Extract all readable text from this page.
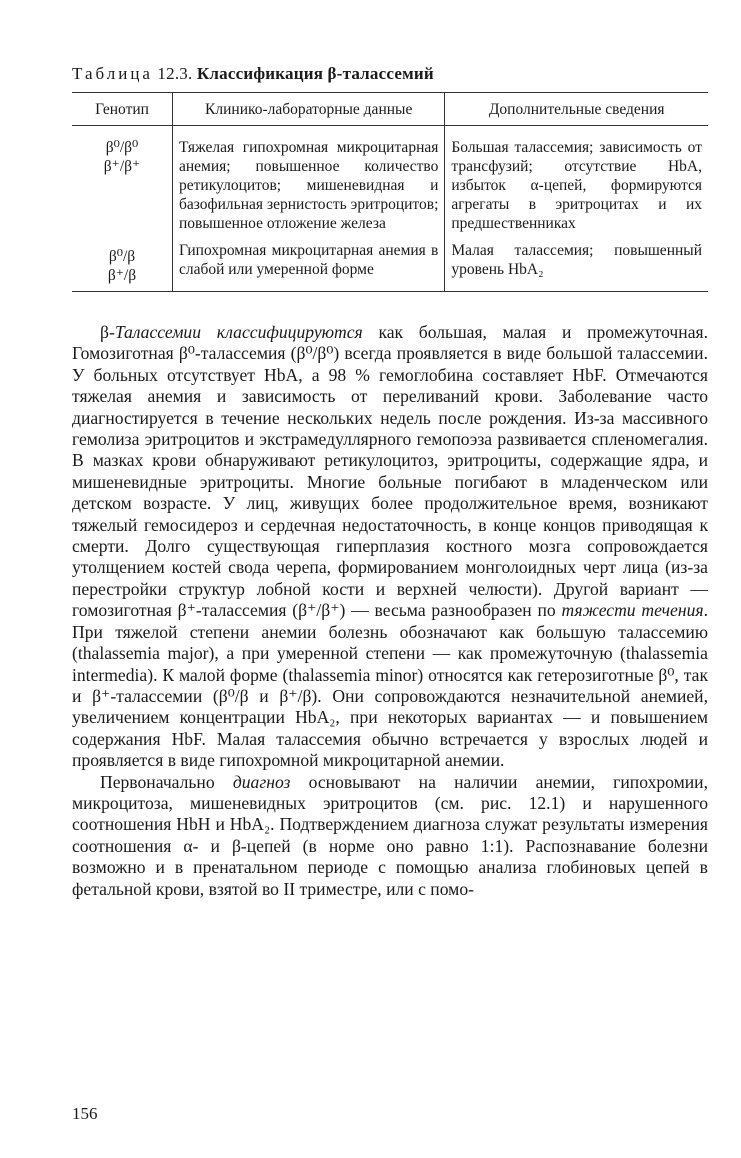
Таблица 12.3. Классификация β-талассемий
Генотип	Клинико-лабораторные данные	Дополнительные сведения

β⁰/β⁰
β⁺/β⁺	Тяжелая гипохромная микроцитарная анемия; повышенное количество ретикулоцитов; мишеневидная и базофильная зернистость эритроцитов; повышенное отложение железа	Большая талассемия; зависимость от трансфузий; отсутствие HbA, избыток α-цепей, формируются агрегаты в эритроцитах и их предшественниках

β⁰/β
β⁺/β	Гипохромная микроцитарная анемия в слабой или умеренной форме	Малая талассемия; повышенный уровень HbA₂

β-Талассемии классифицируются как большая, малая и промежуточная. Гомозиготная β⁰-талассемия (β⁰/β⁰) всегда проявляется в виде большой талассемии. У больных отсутствует HbA, а 98 % гемоглобина составляет HbF. Отмечаются тяжелая анемия и зависимость от переливаний крови. Заболевание часто диагностируется в течение нескольких недель после рождения. Из-за массивного гемолиза эритроцитов и экстрамедуллярного гемопоэза развивается спленомегалия. В мазках крови обнаруживают ретикулоцитоз, эритроциты, содержащие ядра, и мишеневидные эритроциты. Многие больные погибают в младенческом или детском возрасте. У лиц, живущих более продолжительное время, возникают тяжелый гемосидероз и сердечная недостаточность, в конце концов приводящая к смерти. Долго существующая гиперплазия костного мозга сопровождается утолщением костей свода черепа, формированием монголоидных черт лица (из-за перестройки структур лобной кости и верхней челюсти). Другой вариант — гомозиготная β⁺-талассемия (β⁺/β⁺) — весьма разнообразен по тяжести течения. При тяжелой степени анемии болезнь обозначают как большую талассемию (thalassemia major), а при умеренной степени — как промежуточную (thalassemia intermedia). К малой форме (thalassemia minor) относятся как гетерозиготные β⁰, так и β⁺-талассемии (β⁰/β и β⁺/β). Они сопровождаются незначительной анемией, увеличением концентрации HbA₂, при некоторых вариантах — и повышением содержания HbF. Малая талассемия обычно встречается у взрослых людей и проявляется в виде гипохромной микроцитарной анемии.

Первоначально диагноз основывают на наличии анемии, гипохромии, микроцитоза, мишеневидных эритроцитов (см. рис. 12.1) и нарушенного соотношения HbH и HbA₂. Подтверждением диагноза служат результаты измерения соотношения α- и β-цепей (в норме оно равно 1:1). Распознавание болезни возможно и в пренатальном периоде с помощью анализа глобиновых цепей в фетальной крови, взятой во II триместре, или с помо-

156
